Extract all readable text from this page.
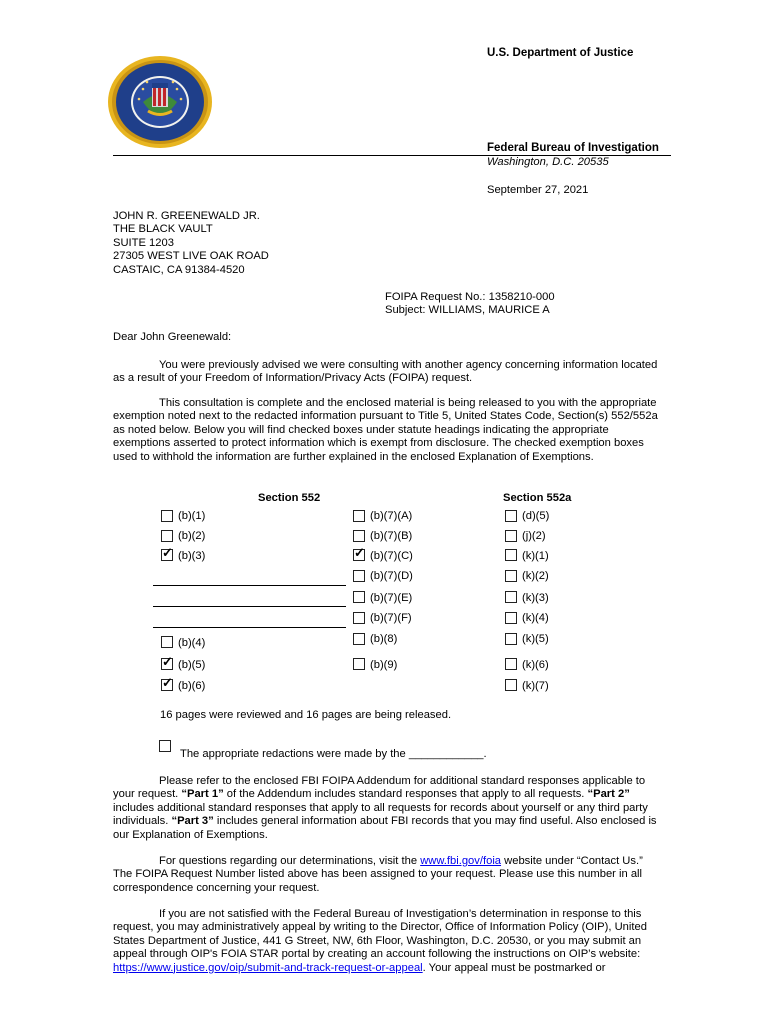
U.S. Department of Justice
Federal Bureau of Investigation
Washington, D.C. 20535
September 27, 2021
JOHN R. GREENEWALD JR.
THE BLACK VAULT
SUITE 1203
27305 WEST LIVE OAK ROAD
CASTAIC, CA 91384-4520
FOIPA Request No.: 1358210-000
Subject: WILLIAMS, MAURICE A
Dear John Greenewald:

You were previously advised we were consulting with another agency concerning information located as a result of your Freedom of Information/Privacy Acts (FOIPA) request.

This consultation is complete and the enclosed material is being released to you with the appropriate exemption noted next to the redacted information pursuant to Title 5, United States Code, Section(s) 552/552a as noted below. Below you will find checked boxes under statute headings indicating the appropriate exemptions asserted to protect information which is exempt from disclosure. The checked exemption boxes used to withhold the information are further explained in the enclosed Explanation of Exemptions.

Section 552	Section 552a
(b)(1)
(b)(2)
✓ (b)(3)
(b)(4)
✓ (b)(5)
✓ (b)(6)
(b)(7)(A)
(b)(7)(B)
✓ (b)(7)(C)
(b)(7)(D)
(b)(7)(E)
(b)(7)(F)
(b)(8)
(b)(9)
(d)(5)
(j)(2)
(k)(1)
(k)(2)
(k)(3)
(k)(4)
(k)(5)
(k)(6)
(k)(7)
16 pages were reviewed and 16 pages are being released.
The appropriate redactions were made by the ____________.

Please refer to the enclosed FBI FOIPA Addendum for additional standard responses applicable to your request. “Part 1” of the Addendum includes standard responses that apply to all requests. “Part 2” includes additional standard responses that apply to all requests for records about yourself or any third party individuals. “Part 3” includes general information about FBI records that you may find useful. Also enclosed is our Explanation of Exemptions.

For questions regarding our determinations, visit the www.fbi.gov/foia website under “Contact Us.” The FOIPA Request Number listed above has been assigned to your request. Please use this number in all correspondence concerning your request.

If you are not satisfied with the Federal Bureau of Investigation’s determination in response to this request, you may administratively appeal by writing to the Director, Office of Information Policy (OIP), United States Department of Justice, 441 G Street, NW, 6th Floor, Washington, D.C. 20530, or you may submit an appeal through OIP's FOIA STAR portal by creating an account following the instructions on OIP’s website: https://www.justice.gov/oip/submit-and-track-request-or-appeal. Your appeal must be postmarked or
